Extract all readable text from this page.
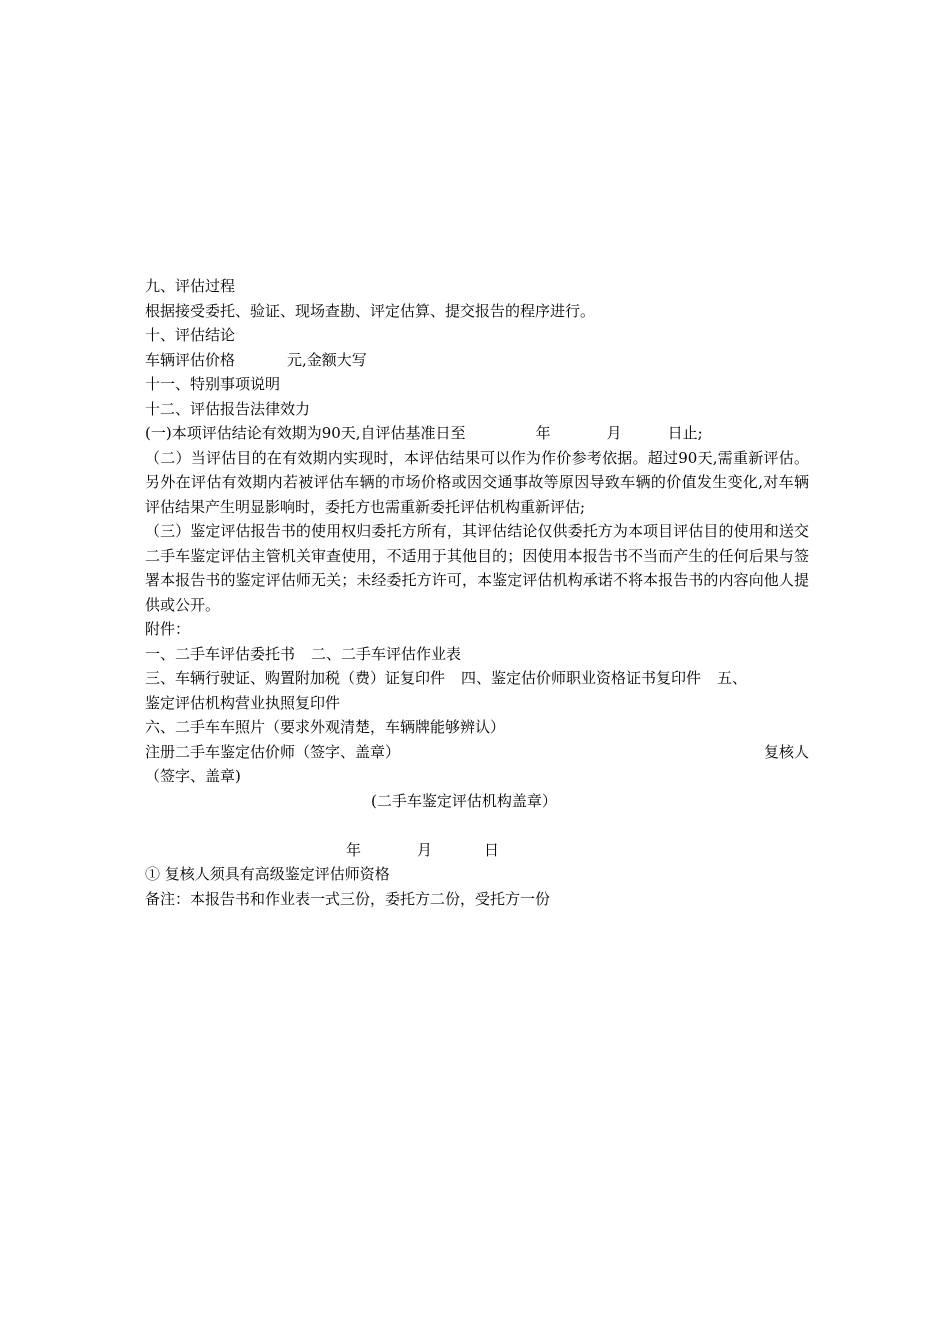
九、评估过程
根据接受委托、验证、现场查勘、评定估算、提交报告的程序进行。
十、评估结论
车辆评估价格	元,金额大写
十一、特别事项说明
十二、评估报告法律效力
(一)本项评估结论有效期为90天,自评估基准日至	年	月	日止;
（二）当评估目的在有效期内实现时，本评估结果可以作为作价参考依据。超过90天,需重新评估。另外在评估有效期内若被评估车辆的市场价格或因交通事故等原因导致车辆的价值发生变化,对车辆评估结果产生明显影响时，委托方也需重新委托评估机构重新评估;
（三）鉴定评估报告书的使用权归委托方所有，其评估结论仅供委托方为本项目评估目的使用和送交二手车鉴定评估主管机关审查使用，不适用于其他目的；因使用本报告书不当而产生的任何后果与签署本报告书的鉴定评估师无关；未经委托方许可，本鉴定评估机构承诺不将本报告书的内容向他人提供或公开。
附件：
一、二手车评估委托书 二、二手车评估作业表
三、车辆行驶证、购置附加税（费）证复印件 四、鉴定估价师职业资格证书复印件 五、
鉴定评估机构营业执照复印件
六、二手车车照片（要求外观清楚，车辆牌能够辨认）
注册二手车鉴定估价师（签字、盖章）	复核人
（签字、盖章)
(二手车鉴定评估机构盖章）
年	月	日
① 复核人须具有高级鉴定评估师资格
备注：本报告书和作业表一式三份，委托方二份，受托方一份
